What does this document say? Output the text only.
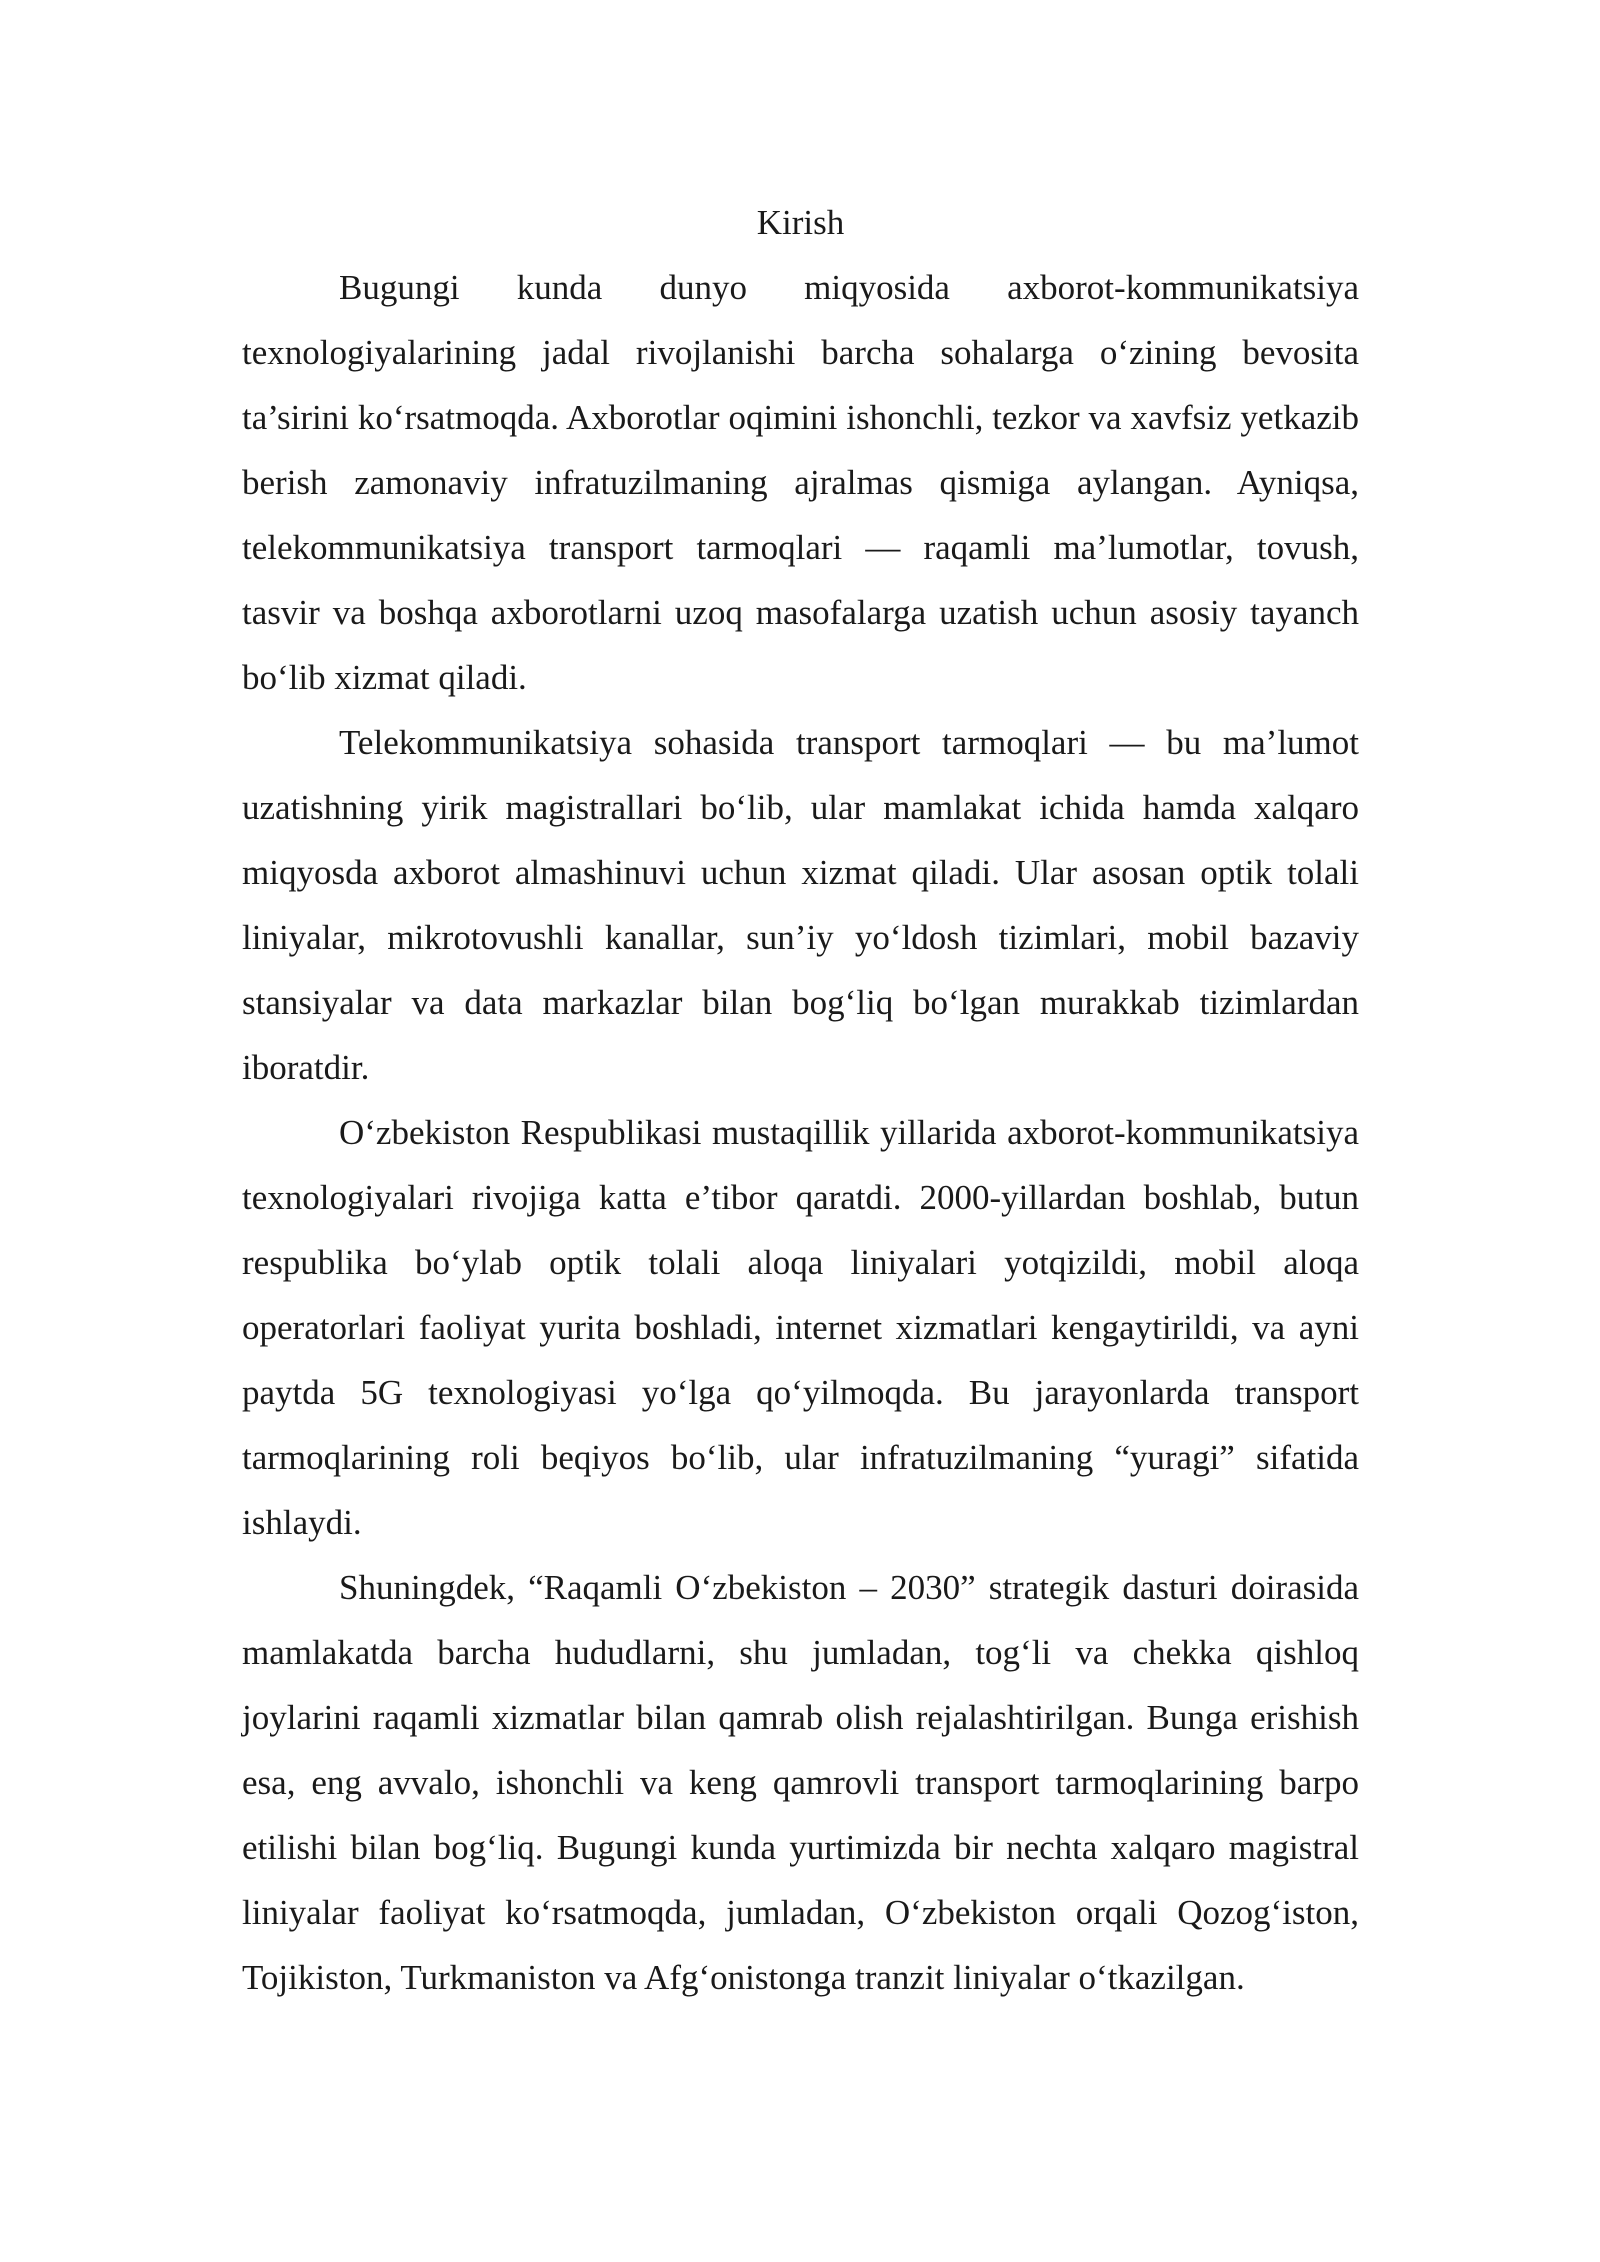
Kirish

Bugungi kunda dunyo miqyosida axborot-kommunikatsiya texnologiyalarining jadal rivojlanishi barcha sohalarga o‘zining bevosita ta’sirini ko‘rsatmoqda. Axborotlar oqimini ishonchli, tezkor va xavfsiz yetkazib berish zamonaviy infratuzilmaning ajralmas qismiga aylangan. Ayniqsa, telekommunikatsiya transport tarmoqlari — raqamli ma’lumotlar, tovush, tasvir va boshqa axborotlarni uzoq masofalarga uzatish uchun asosiy tayanch bo‘lib xizmat qiladi.

Telekommunikatsiya sohasida transport tarmoqlari — bu ma’lumot uzatishning yirik magistrallari bo‘lib, ular mamlakat ichida hamda xalqaro miqyosda axborot almashinuvi uchun xizmat qiladi. Ular asosan optik tolali liniyalar, mikrotovushli kanallar, sun’iy yo‘ldosh tizimlari, mobil bazaviy stansiyalar va data markazlar bilan bog‘liq bo‘lgan murakkab tizimlardan iboratdir.

O‘zbekiston Respublikasi mustaqillik yillarida axborot-kommunikatsiya texnologiyalari rivojiga katta e’tibor qaratdi. 2000-yillardan boshlab, butun respublika bo‘ylab optik tolali aloqa liniyalari yotqizildi, mobil aloqa operatorlari faoliyat yurita boshladi, internet xizmatlari kengaytirildi, va ayni paytda 5G texnologiyasi yo‘lga qo‘yilmoqda. Bu jarayonlarda transport tarmoqlarining roli beqiyos bo‘lib, ular infratuzilmaning “yuragi” sifatida ishlaydi.

Shuningdek, “Raqamli O‘zbekiston – 2030” strategik dasturi doirasida mamlakatda barcha hududlarni, shu jumladan, tog‘li va chekka qishloq joylarini raqamli xizmatlar bilan qamrab olish rejalashtirilgan. Bunga erishish esa, eng avvalo, ishonchli va keng qamrovli transport tarmoqlarining barpo etilishi bilan bog‘liq. Bugungi kunda yurtimizda bir nechta xalqaro magistral liniyalar faoliyat ko‘rsatmoqda, jumladan, O‘zbekiston orqali Qozog‘iston, Tojikiston, Turkmaniston va Afg‘onistonga tranzit liniyalar o‘tkazilgan.
